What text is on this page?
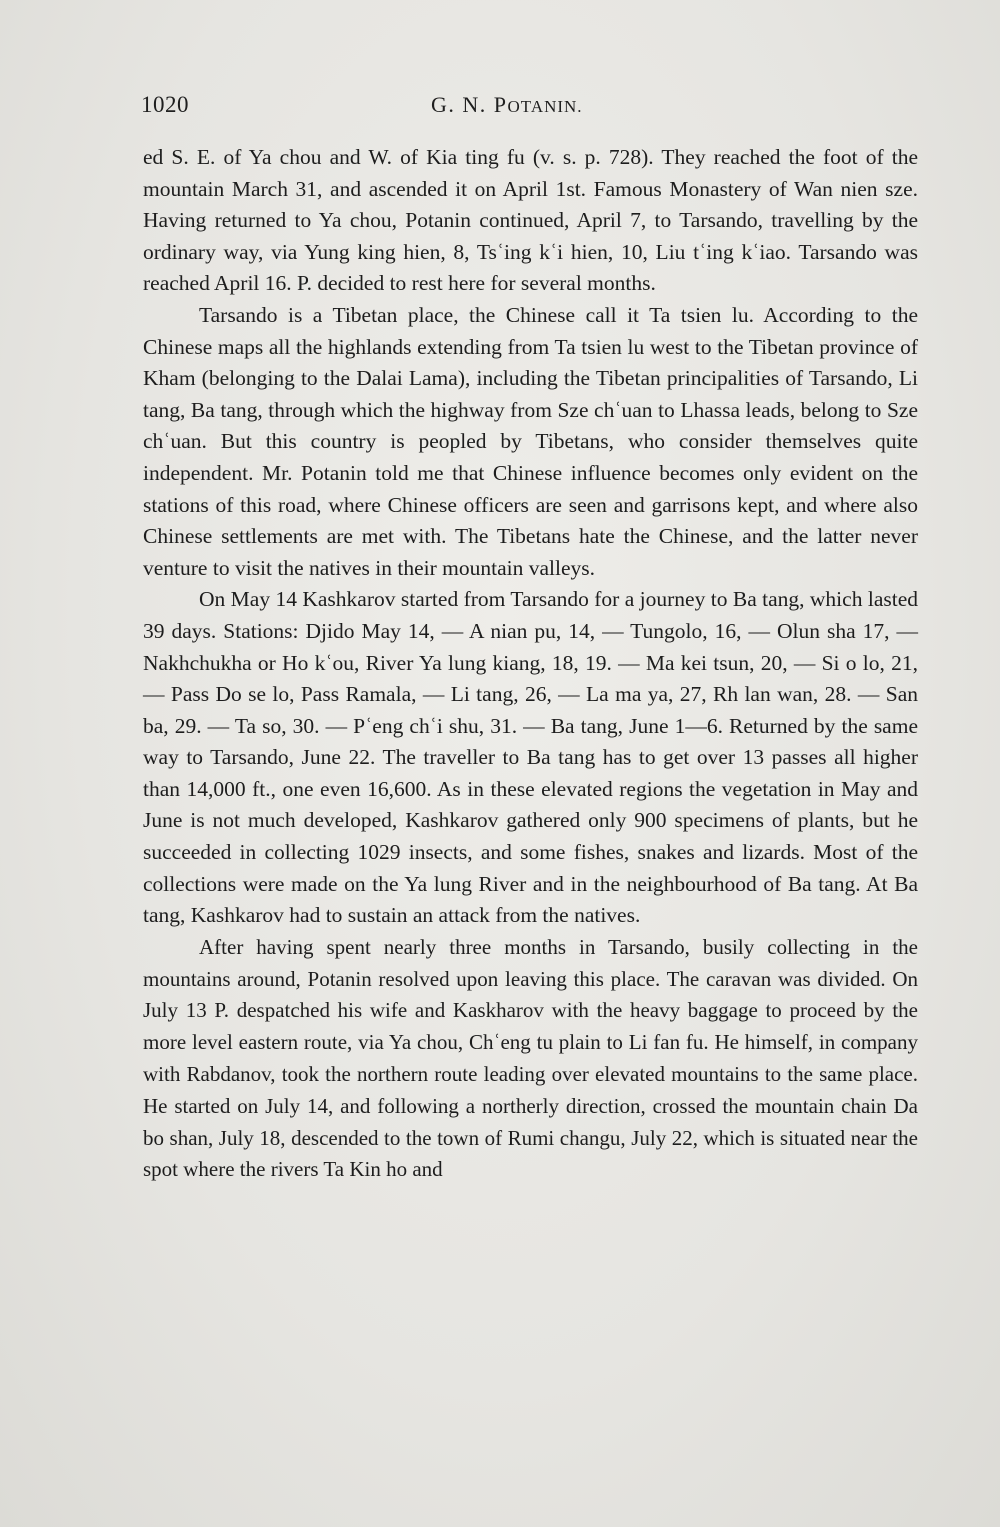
1020	G. N. POTANIN.

ed S. E. of Ya chou and W. of Kia ting fu (v. s. p. 728). They reached the foot of the mountain March 31, and ascended it on April 1st. Famous Monastery of Wan nien sze. Having returned to Ya chou, Potanin continued, April 7, to Tarsando, travelling by the ordinary way, via Yung king hien, 8, Tsʿing kʿi hien, 10, Liu tʿing kʿiao. Tarsando was reached April 16. P. decided to rest here for several months.

Tarsando is a Tibetan place, the Chinese call it Ta tsien lu. According to the Chinese maps all the highlands extending from Ta tsien lu west to the Tibetan province of Kham (belonging to the Dalai Lama), including the Tibetan principalities of Tarsando, Li tang, Ba tang, through which the highway from Sze chʿuan to Lhassa leads, belong to Sze chʿuan. But this country is peopled by Tibetans, who consider themselves quite independent. Mr. Potanin told me that Chinese influence becomes only evident on the stations of this road, where Chinese officers are seen and garrisons kept, and where also Chinese settlements are met with. The Tibetans hate the Chinese, and the latter never venture to visit the natives in their mountain valleys.

On May 14 Kashkarov started from Tarsando for a journey to Ba tang, which lasted 39 days. Stations: Djido May 14, — A nian pu, 14, — Tungolo, 16, — Olun sha 17, — Nakhchukha or Ho kʿou, River Ya lung kiang, 18, 19. — Ma kei tsun, 20, — Si o lo, 21, — Pass Do se lo, Pass Ramala, — Li tang, 26, — La ma ya, 27, Rh lan wan, 28. — San ba, 29. — Ta so, 30. — Pʿeng chʿi shu, 31. — Ba tang, June 1—6. Returned by the same way to Tarsando, June 22. The traveller to Ba tang has to get over 13 passes all higher than 14,000 ft., one even 16,600. As in these elevated regions the vegetation in May and June is not much developed, Kashkarov gathered only 900 specimens of plants, but he succeeded in collecting 1029 insects, and some fishes, snakes and lizards. Most of the collections were made on the Ya lung River and in the neighbourhood of Ba tang. At Ba tang, Kashkarov had to sustain an attack from the natives.

After having spent nearly three months in Tarsando, busily collecting in the mountains around, Potanin resolved upon leaving this place. The caravan was divided. On July 13 P. despatched his wife and Kaskharov with the heavy baggage to proceed by the more level eastern route, via Ya chou, Chʿeng tu plain to Li fan fu. He himself, in company with Rabdanov, took the northern route leading over elevated mountains to the same place. He started on July 14, and following a northerly direction, crossed the mountain chain Da bo shan, July 18, descended to the town of Rumi changu, July 22, which is situated near the spot where the rivers Ta Kin ho and
